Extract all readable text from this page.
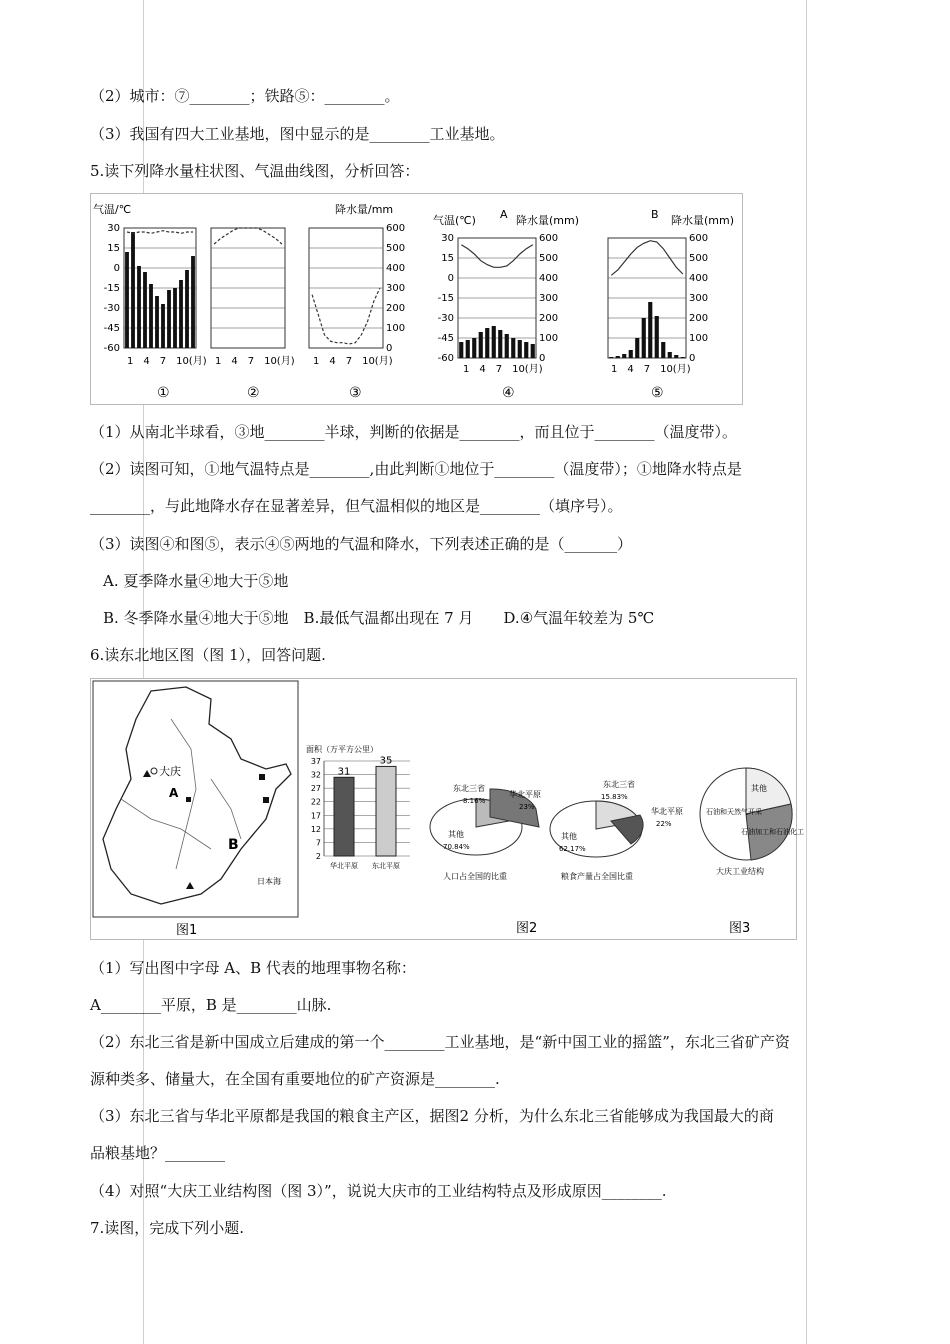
（2）城市：⑦________；铁路⑤：________。
（3）我国有四大工业基地，图中显示的是________工业基地。
5.读下列降水量柱状图、气温曲线图，分析回答：
气温/℃
30
15
0
-15
-30
-45
-60
1　4　7　10(月)
①
1　4　7　10(月)
②
降水量/mm
600
500
400
300
200
100
0
1　4　7　10(月)
③
气温(℃) A 降水量(mm)
30	600
15	500
0	400
-15	300
-30	200
-45	100
-60	0
1　4　7　10(月)
④
B 降水量(mm)
600
500
400
300
200
100
0
1　4　7　10(月)
⑤
（1）从南北半球看，③地________半球，判断的依据是________，而且位于________（温度带）。
（2）读图可知，①地气温特点是________,由此判断①地位于________（温度带）；①地降水特点是
________，与此地降水存在显著差异，但气温相似的地区是________（填序号）。
（3）读图④和图⑤，表示④⑤两地的气温和降水，下列表述正确的是（_______）
A. 夏季降水量④地大于⑤地
B. 冬季降水量④地大于⑤地　B.最低气温都出现在 7 月　　D.④气温年较差为 5℃
6.读东北地区图（图 1），回答问题.
大庆
A
B
日本海
图1
面积（万平方公里）
37
32
27
22
17
12
7
2
31
华北平原
35
东北平原
东北三省
8.16%
华北平原
23%
其他
70.84%
人口占全国的比重
东北三省
15.83%
华北平原
22%
其他
62.17%
粮食产量占全国比重
图2
其他
石油和天然气开采
石油加工和石油化工
大庆工业结构
图3
（1）写出图中字母 A、B 代表的地理事物名称：
A________平原，B 是________山脉.
（2）东北三省是新中国成立后建成的第一个________工业基地，是“新中国工业的摇篮”，东北三省矿产资
源种类多、储量大，在全国有重要地位的矿产资源是________.
（3）东北三省与华北平原都是我国的粮食主产区，据图2 分析，为什么东北三省能够成为我国最大的商
品粮基地？________
（4）对照“大庆工业结构图（图 3）”，说说大庆市的工业结构特点及形成原因________.
7.读图，完成下列小题.
